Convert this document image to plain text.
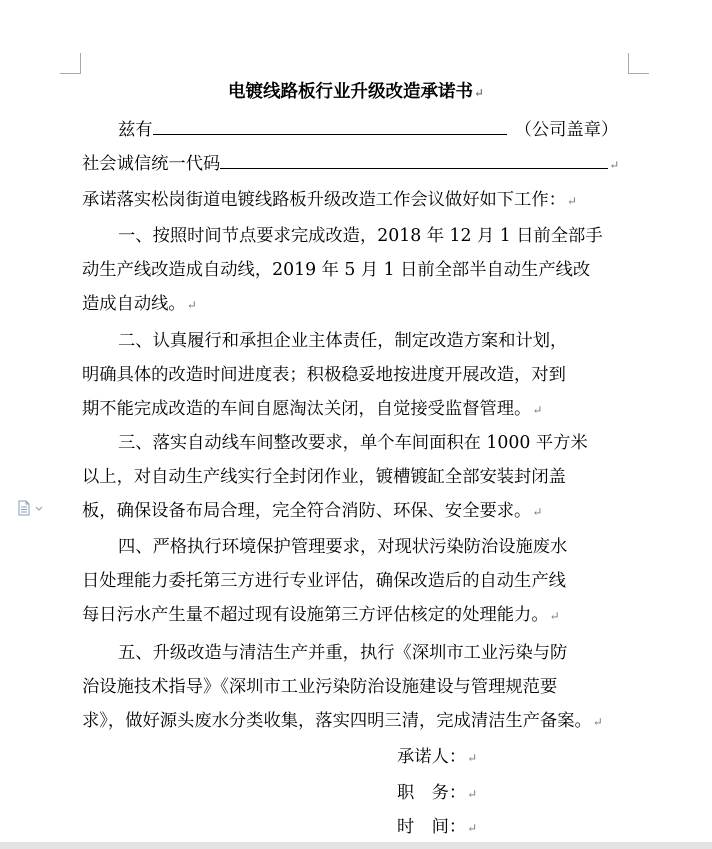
电镀线路板行业升级改造承诺书↵
兹有	（公司盖章）
社会诚信统一代码	↵
承诺落实松岗街道电镀线路板升级改造工作会议做好如下工作：↵
一、按照时间节点要求完成改造，2018 年 12 月 1 日前全部手
动生产线改造成自动线，2019 年 5 月 1 日前全部半自动生产线改
造成自动线。↵
二、认真履行和承担企业主体责任，制定改造方案和计划，
明确具体的改造时间进度表；积极稳妥地按进度开展改造，对到
期不能完成改造的车间自愿淘汰关闭，自觉接受监督管理。↵
三、落实自动线车间整改要求，单个车间面积在 1000 平方米
以上，对自动生产线实行全封闭作业，镀槽镀缸全部安装封闭盖
板，确保设备布局合理，完全符合消防、环保、安全要求。↵
四、严格执行环境保护管理要求，对现状污染防治设施废水
日处理能力委托第三方进行专业评估，确保改造后的自动生产线
每日污水产生量不超过现有设施第三方评估核定的处理能力。↵
五、升级改造与清洁生产并重，执行《深圳市工业污染与防
治设施技术指导》《深圳市工业污染防治设施建设与管理规范要
求》，做好源头废水分类收集，落实四明三清，完成清洁生产备案。↵
承诺人：↵
职　务：↵
时　间：↵
